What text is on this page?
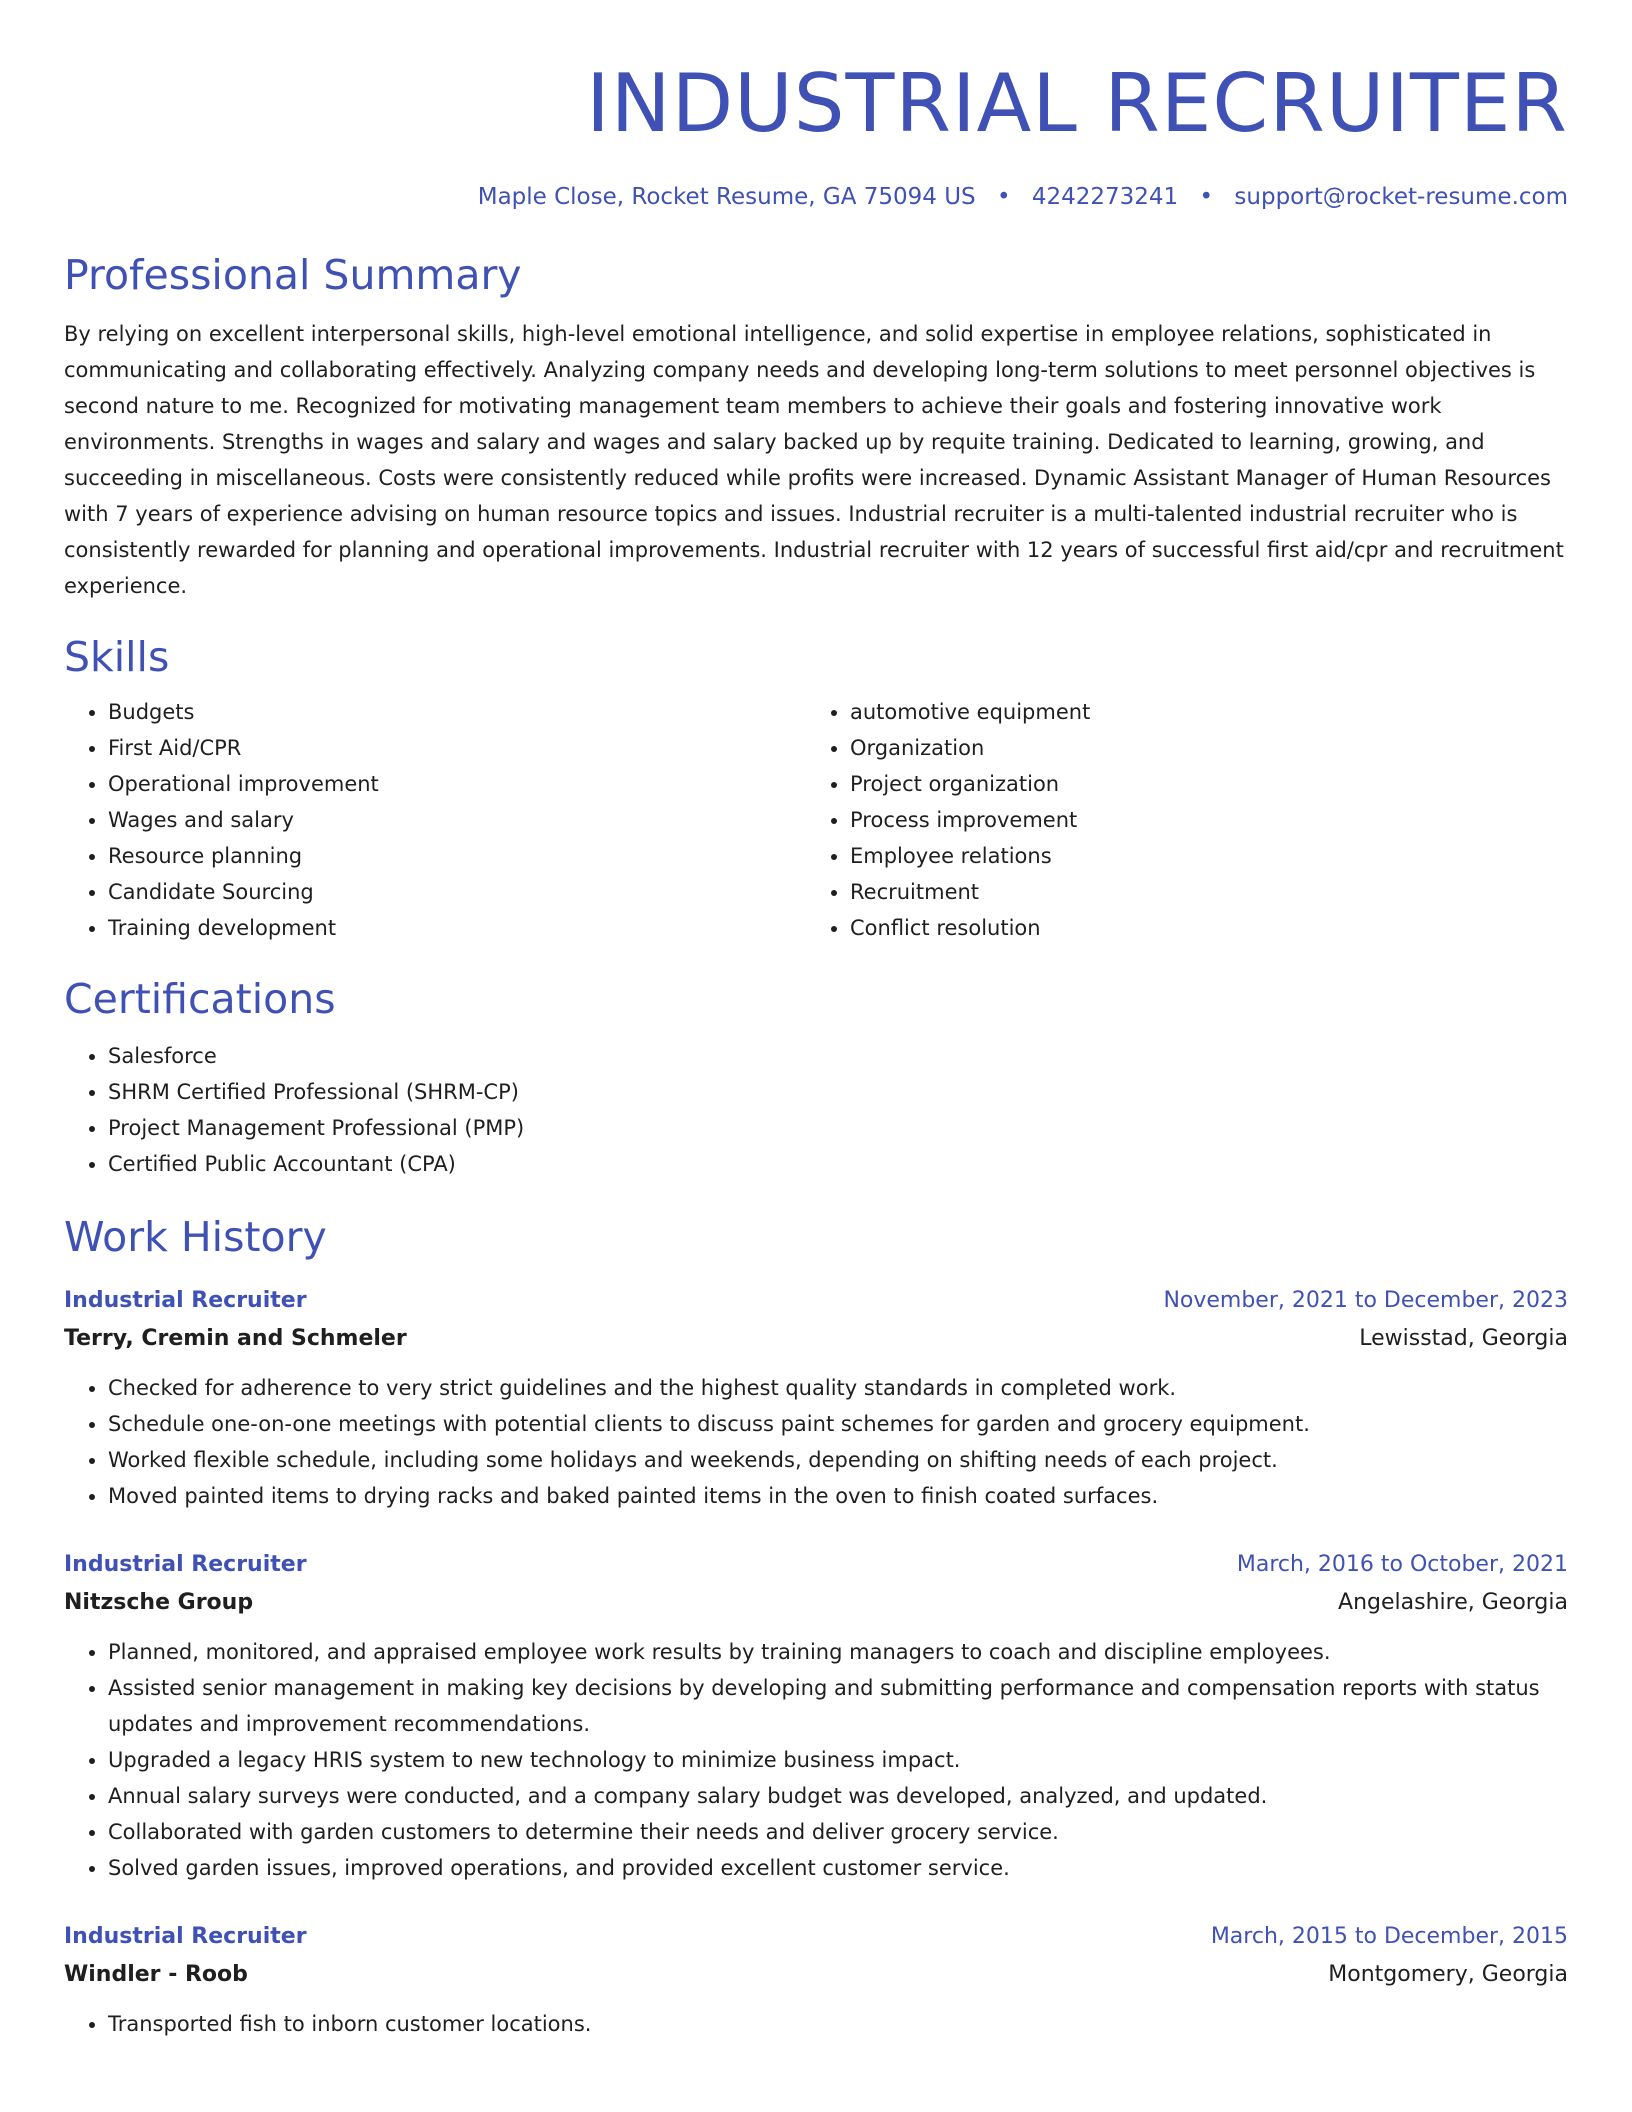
INDUSTRIAL RECRUITER
Maple Close, Rocket Resume, GA 75094 US • 4242273241 • support@rocket-resume.com
Professional Summary

By relying on excellent interpersonal skills, high-level emotional intelligence, and solid expertise in employee relations, sophisticated in communicating and collaborating effectively. Analyzing company needs and developing long-term solutions to meet personnel objectives is second nature to me. Recognized for motivating management team members to achieve their goals and fostering innovative work environments. Strengths in wages and salary and wages and salary backed up by requite training. Dedicated to learning, growing, and succeeding in miscellaneous. Costs were consistently reduced while profits were increased. Dynamic Assistant Manager of Human Resources with 7 years of experience advising on human resource topics and issues. Industrial recruiter is a multi-talented industrial recruiter who is consistently rewarded for planning and operational improvements. Industrial recruiter with 12 years of successful first aid/cpr and recruitment experience.

Skills
• Budgets
• First Aid/CPR
• Operational improvement
• Wages and salary
• Resource planning
• Candidate Sourcing
• Training development
• automotive equipment
• Organization
• Project organization
• Process improvement
• Employee relations
• Recruitment
• Conflict resolution
Certifications
• Salesforce
• SHRM Certified Professional (SHRM-CP)
• Project Management Professional (PMP)
• Certified Public Accountant (CPA)
Work History
Industrial Recruiter	November, 2021 to December, 2023
Terry, Cremin and Schmeler	Lewisstad, Georgia
• Checked for adherence to very strict guidelines and the highest quality standards in completed work.
• Schedule one-on-one meetings with potential clients to discuss paint schemes for garden and grocery equipment.
• Worked flexible schedule, including some holidays and weekends, depending on shifting needs of each project.
• Moved painted items to drying racks and baked painted items in the oven to finish coated surfaces.
Industrial Recruiter	March, 2016 to October, 2021
Nitzsche Group	Angelashire, Georgia
• Planned, monitored, and appraised employee work results by training managers to coach and discipline employees.
• Assisted senior management in making key decisions by developing and submitting performance and compensation reports with status updates and improvement recommendations.
• Upgraded a legacy HRIS system to new technology to minimize business impact.
• Annual salary surveys were conducted, and a company salary budget was developed, analyzed, and updated.
• Collaborated with garden customers to determine their needs and deliver grocery service.
• Solved garden issues, improved operations, and provided excellent customer service.
Industrial Recruiter	March, 2015 to December, 2015
Windler - Roob	Montgomery, Georgia
• Transported fish to inborn customer locations.
